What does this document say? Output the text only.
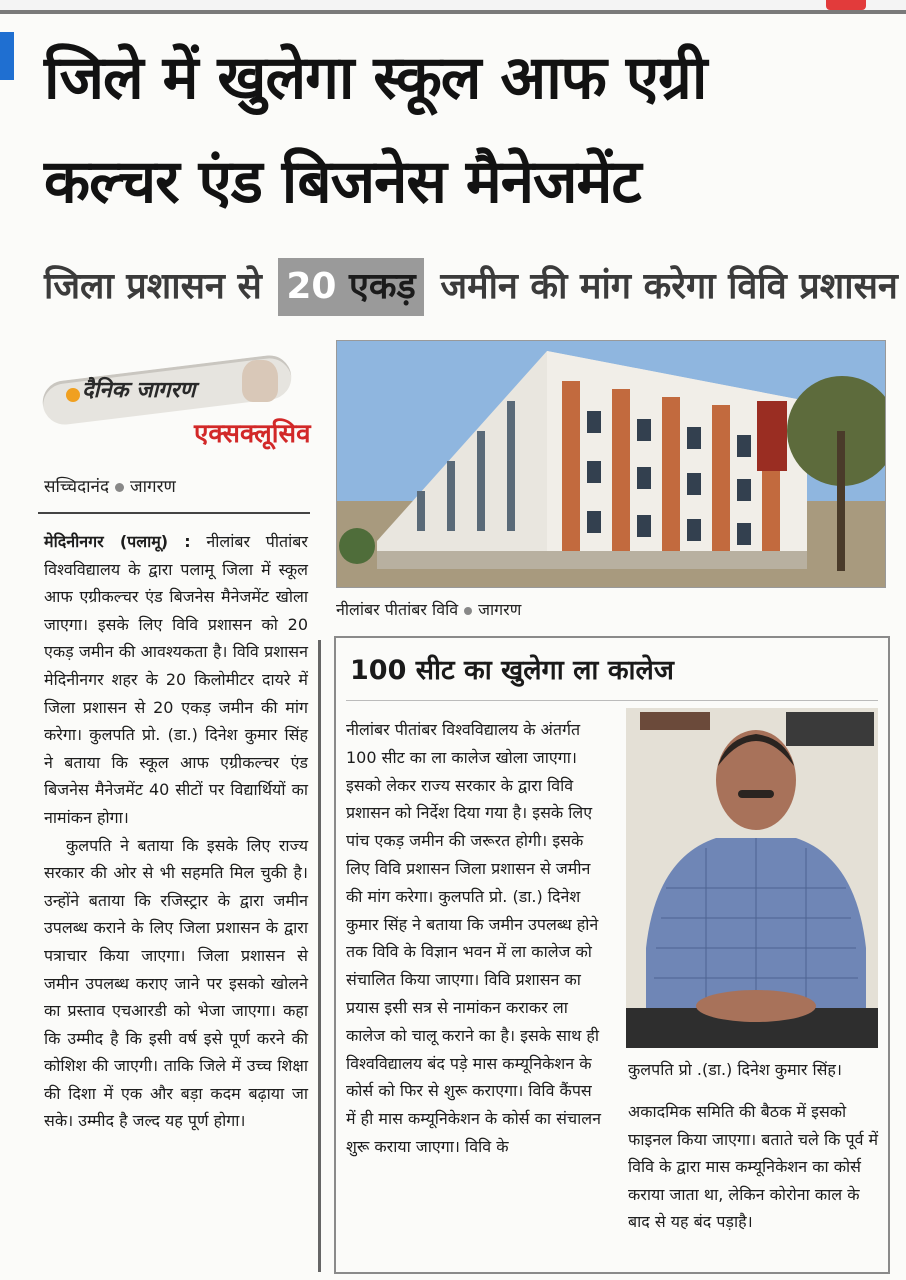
जिले में खुलेगा स्कूल आफ एग्री
कल्चर एंड बिजनेस मैनेजमेंट
जिला प्रशासन से 20 एकड़ जमीन की मांग करेगा विवि प्रशासन
दैनिक जागरण
एक्सक्लूसिव
सच्चिदानंद जागरण

मेदिनीनगर (पलामू) : नीलांबर पीतांबर विश्वविद्यालय के द्वारा पलामू जिला में स्कूल आफ एग्रीकल्चर एंड बिजनेस मैनेजमेंट खोला जाएगा। इसके लिए विवि प्रशासन को 20 एकड़ जमीन की आवश्यकता है। विवि प्रशासन मेदिनीनगर शहर के 20 किलोमीटर दायरे में जिला प्रशासन से 20 एकड़ जमीन की मांग करेगा। कुलपति प्रो. (डा.) दिनेश कुमार सिंह ने बताया कि स्कूल आफ एग्रीकल्चर एंड बिजनेस मैनेजमेंट 40 सीटों पर विद्यार्थियों का नामांकन होगा।

कुलपति ने बताया कि इसके लिए राज्य सरकार की ओर से भी सहमति मिल चुकी है। उन्होंने बताया कि रजिस्ट्रार के द्वारा जमीन उपलब्ध कराने के लिए जिला प्रशासन के द्वारा पत्राचार किया जाएगा। जिला प्रशासन से जमीन उपलब्ध कराए जाने पर इसको खोलने का प्रस्ताव एचआरडी को भेजा जाएगा। कहा कि उम्मीद है कि इसी वर्ष इसे पूर्ण करने की कोशिश की जाएगी। ताकि जिले में उच्च शिक्षा की दिशा में एक और बड़ा कदम बढ़ाया जा सके। उम्मीद है जल्द यह पूर्ण होगा।

नीलांबर पीतांबर विवि जागरण
100 सीट का खुलेगा ला कालेज
नीलांबर पीतांबर विश्वविद्यालय के अंतर्गत 100 सीट का ला कालेज खोला जाएगा। इसको लेकर राज्य सरकार के द्वारा विवि प्रशासन को निर्देश दिया गया है। इसके लिए पांच एकड़ जमीन की जरूरत होगी। इसके लिए विवि प्रशासन जिला प्रशासन से जमीन की मांग करेगा। कुलपति प्रो. (डा.) दिनेश कुमार सिंह ने बताया कि जमीन उपलब्ध होने तक विवि के विज्ञान भवन में ला कालेज को संचालित किया जाएगा। विवि प्रशासन का प्रयास इसी सत्र से नामांकन कराकर ला कालेज को चालू कराने का है। इसके साथ ही विश्वविद्यालय बंद पड़े मास कम्यूनिकेशन के कोर्स को फिर से शुरू कराएगा। विवि कैंपस में ही मास कम्यूनिकेशन के कोर्स का संचालन शुरू कराया जाएगा। विवि के
कुलपति प्रो .(डा.) दिनेश कुमार सिंह।
अकादमिक समिति की बैठक में इसको फाइनल किया जाएगा। बताते चले कि पूर्व में विवि के द्वारा मास कम्यूनिकेशन का कोर्स कराया जाता था, लेकिन कोरोना काल के बाद से यह बंद पड़ाहै।
